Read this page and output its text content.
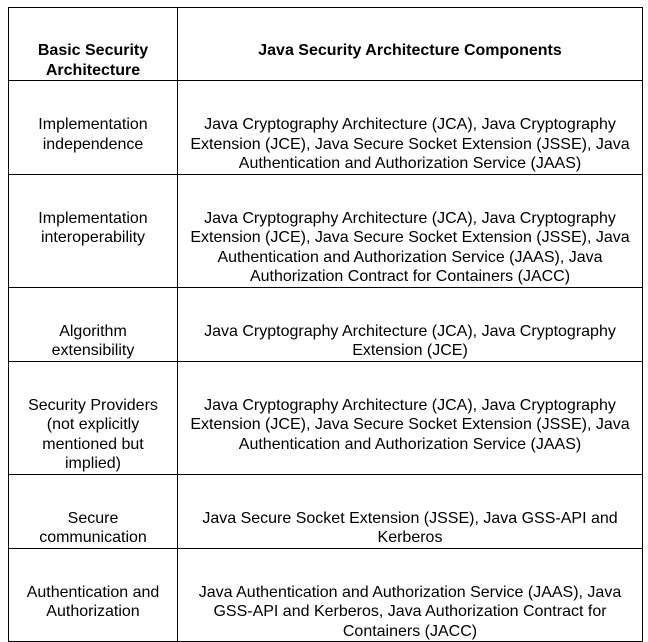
Basic Security Architecture	Java Security Architecture Components
Implementation independence	Java Cryptography Architecture (JCA), Java Cryptography Extension (JCE), Java Secure Socket Extension (JSSE), Java Authentication and Authorization Service (JAAS)
Implementation interoperability	Java Cryptography Architecture (JCA), Java Cryptography Extension (JCE), Java Secure Socket Extension (JSSE), Java Authentication and Authorization Service (JAAS), Java Authorization Contract for Containers (JACC)
Algorithm extensibility	Java Cryptography Architecture (JCA), Java Cryptography Extension (JCE)
Security Providers (not explicitly mentioned but implied)	Java Cryptography Architecture (JCA), Java Cryptography Extension (JCE), Java Secure Socket Extension (JSSE), Java Authentication and Authorization Service (JAAS)
Secure communication	Java Secure Socket Extension (JSSE), Java GSS-API and Kerberos
Authentication and Authorization	Java Authentication and Authorization Service (JAAS), Java GSS-API and Kerberos, Java Authorization Contract for Containers (JACC)
